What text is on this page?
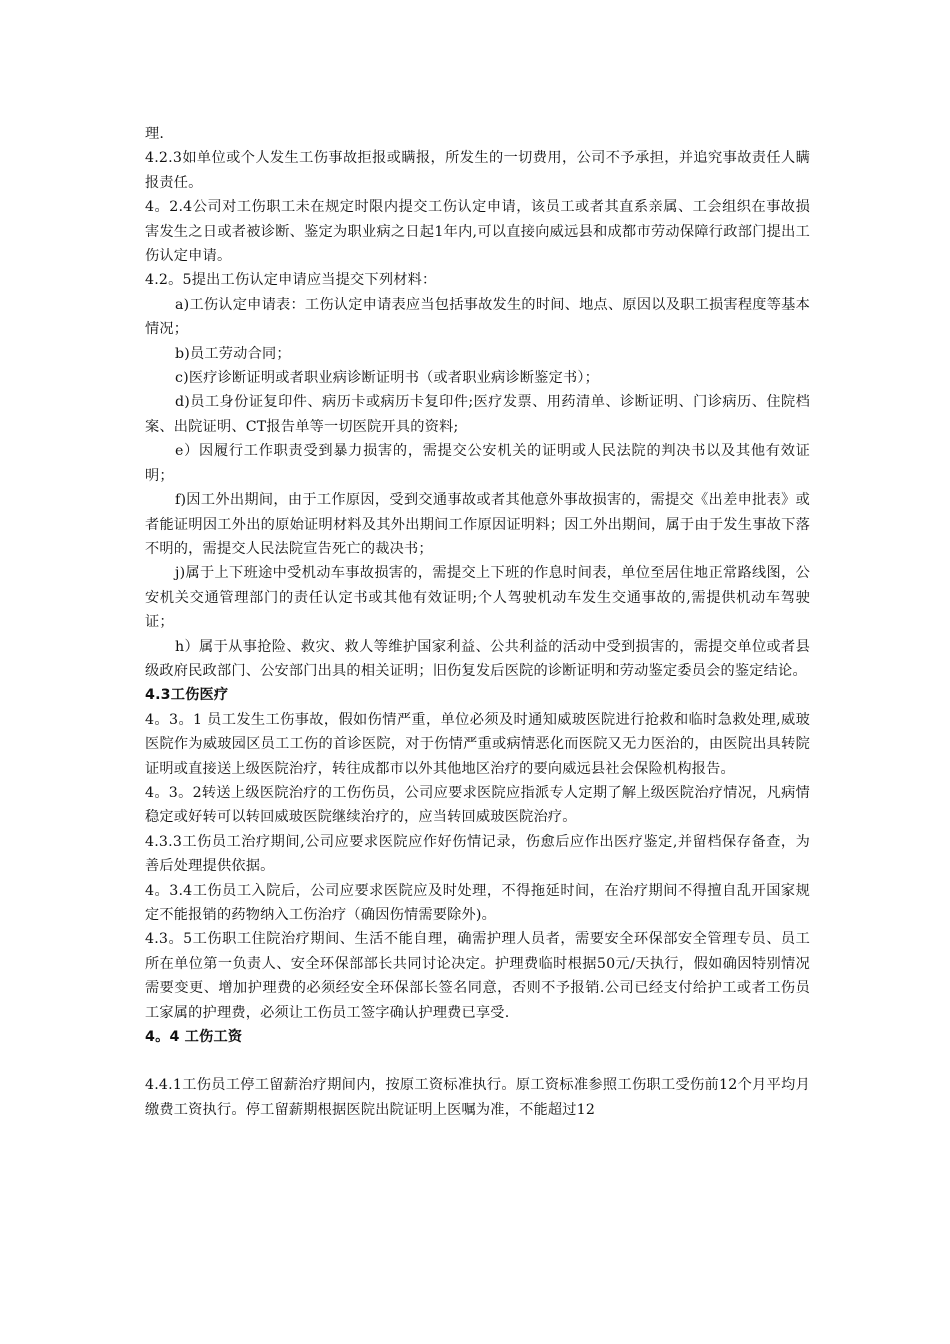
理.

4.2.3如单位或个人发生工伤事故拒报或瞒报，所发生的一切费用，公司不予承担，并追究事故责任人瞒报责任。

4。2.4公司对工伤职工未在规定时限内提交工伤认定申请，该员工或者其直系亲属、工会组织在事故损害发生之日或者被诊断、鉴定为职业病之日起1年内,可以直接向威远县和成都市劳动保障行政部门提出工伤认定申请。

4.2。5提出工伤认定申请应当提交下列材料：

a)工伤认定申请表：工伤认定申请表应当包括事故发生的时间、地点、原因以及职工损害程度等基本情况；

b)员工劳动合同；

c)医疗诊断证明或者职业病诊断证明书（或者职业病诊断鉴定书）；

d)员工身份证复印件、病历卡或病历卡复印件;医疗发票、用药清单、诊断证明、门诊病历、住院档案、出院证明、CT报告单等一切医院开具的资料;

e）因履行工作职责受到暴力损害的，需提交公安机关的证明或人民法院的判决书以及其他有效证明；

f)因工外出期间，由于工作原因，受到交通事故或者其他意外事故损害的，需提交《出差申批表》或者能证明因工外出的原始证明材料及其外出期间工作原因证明料；因工外出期间，属于由于发生事故下落不明的，需提交人民法院宣告死亡的裁决书；

j)属于上下班途中受机动车事故损害的，需提交上下班的作息时间表，单位至居住地正常路线图，公安机关交通管理部门的责任认定书或其他有效证明;个人驾驶机动车发生交通事故的,需提供机动车驾驶证；

h）属于从事抢险、救灾、救人等维护国家利益、公共利益的活动中受到损害的，需提交单位或者县级政府民政部门、公安部门出具的相关证明；旧伤复发后医院的诊断证明和劳动鉴定委员会的鉴定结论。

4.3工伤医疗

4。3。1 员工发生工伤事故，假如伤情严重，单位必须及时通知威玻医院进行抢救和临时急救处理,威玻医院作为威玻园区员工工伤的首诊医院，对于伤情严重或病情恶化而医院又无力医治的，由医院出具转院证明或直接送上级医院治疗，转往成都市以外其他地区治疗的要向威远县社会保险机构报告。

4。3。2转送上级医院治疗的工伤伤员，公司应要求医院应指派专人定期了解上级医院治疗情况，凡病情稳定或好转可以转回威玻医院继续治疗的，应当转回威玻医院治疗。

4.3.3工伤员工治疗期间,公司应要求医院应作好伤情记录，伤愈后应作出医疗鉴定,并留档保存备查，为善后处理提供依据。

4。3.4工伤员工入院后，公司应要求医院应及时处理，不得拖延时间，在治疗期间不得擅自乱开国家规定不能报销的药物纳入工伤治疗（确因伤情需要除外)。

4.3。5工伤职工住院治疗期间、生活不能自理，确需护理人员者，需要安全环保部安全管理专员、员工所在单位第一负责人、安全环保部部长共同讨论决定。护理费临时根据50元/天执行，假如确因特别情况需要变更、增加护理费的必须经安全环保部长签名同意，否则不予报销.公司已经支付给护工或者工伤员工家属的护理费，必须让工伤员工签字确认护理费已享受.

4。4 工伤工资

4.4.1工伤员工停工留薪治疗期间内，按原工资标准执行。原工资标准参照工伤职工受伤前12个月平均月缴费工资执行。停工留薪期根据医院出院证明上医嘱为准，不能超过12
